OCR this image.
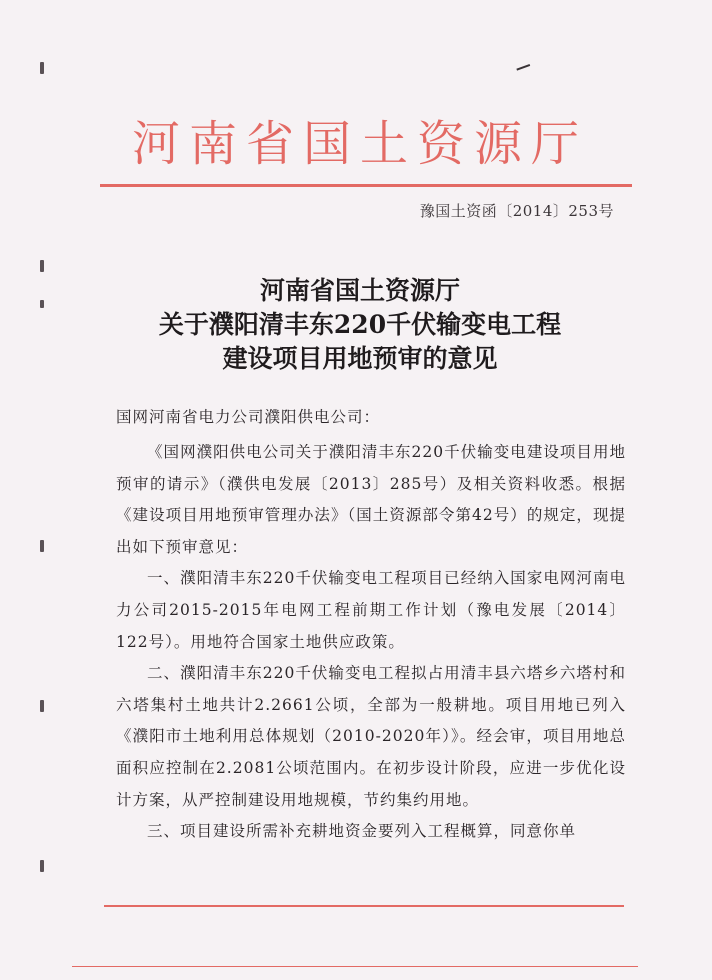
河南省国土资源厅
豫国土资函〔2014〕253号
河南省国土资源厅
关于濮阳清丰东220千伏输变电工程
建设项目用地预审的意见
国网河南省电力公司濮阳供电公司：

《国网濮阳供电公司关于濮阳清丰东220千伏输变电建设项目用地预审的请示》（濮供电发展〔2013〕285号）及相关资料收悉。根据《建设项目用地预审管理办法》（国土资源部令第42号）的规定，现提出如下预审意见：

一、濮阳清丰东220千伏输变电工程项目已经纳入国家电网河南电力公司2015-2015年电网工程前期工作计划（豫电发展〔2014〕122号）。用地符合国家土地供应政策。

二、濮阳清丰东220千伏输变电工程拟占用清丰县六塔乡六塔村和六塔集村土地共计2.2661公顷，全部为一般耕地。项目用地已列入《濮阳市土地利用总体规划（2010-2020年）》。经会审，项目用地总面积应控制在2.2081公顷范围内。在初步设计阶段，应进一步优化设计方案，从严控制建设用地规模，节约集约用地。

三、项目建设所需补充耕地资金要列入工程概算，同意你单
